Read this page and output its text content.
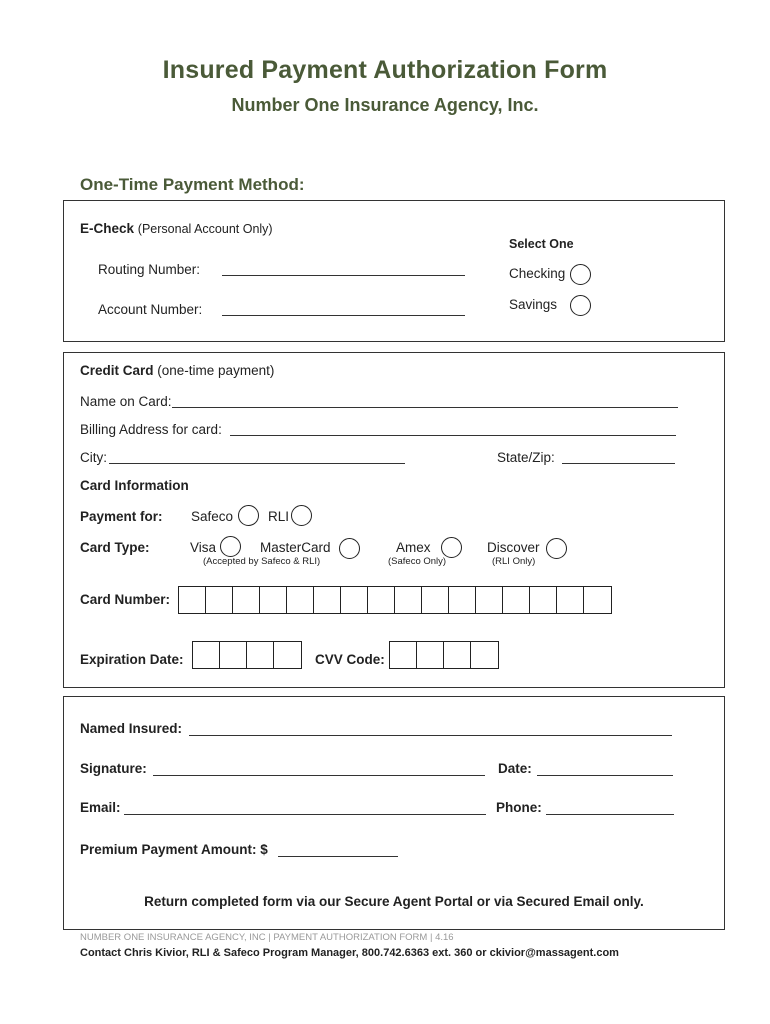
Insured Payment Authorization Form
Number One Insurance Agency, Inc.
One-Time Payment Method:
E-Check (Personal Account Only)
Select One
Routing Number:
Account Number:
Checking
Savings
Credit Card (one-time payment)
Name on Card:
Billing Address for card:
City:	State/Zip:
Card Information
Payment for: Safeco	RLI
Card Type:	Visa
(Accepted by Safeco & RLI)
MasterCard	Amex
(Safeco Only)
Discover
(RLI Only)
Card Number:
Expiration Date:	CVV Code:
Named Insured:
Signature:	Date:
Email:	Phone:
Premium Payment Amount: $
Return completed form via our Secure Agent Portal or via Secured Email only.
NUMBER ONE INSURANCE AGENCY, INC | PAYMENT AUTHORIZATION FORM | 4.16
Contact Chris Kivior, RLI & Safeco Program Manager, 800.742.6363 ext. 360 or ckivior@massagent.com
